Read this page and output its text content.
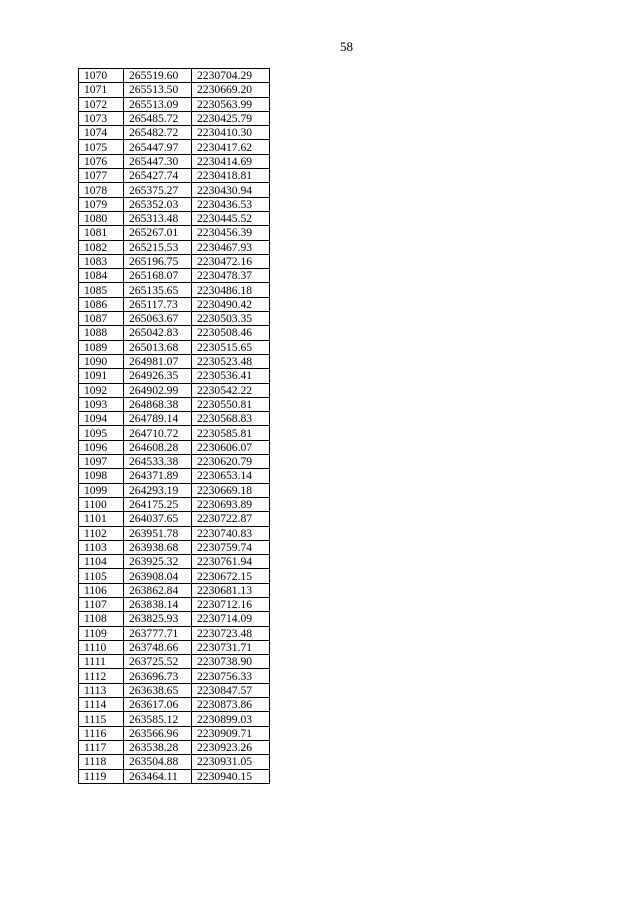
58
1070	265519.60	2230704.29
1071	265513.50	2230669.20
1072	265513.09	2230563.99
1073	265485.72	2230425.79
1074	265482.72	2230410.30
1075	265447.97	2230417.62
1076	265447.30	2230414.69
1077	265427.74	2230418.81
1078	265375.27	2230430.94
1079	265352.03	2230436.53
1080	265313.48	2230445.52
1081	265267.01	2230456.39
1082	265215.53	2230467.93
1083	265196.75	2230472.16
1084	265168.07	2230478.37
1085	265135.65	2230486.18
1086	265117.73	2230490.42
1087	265063.67	2230503.35
1088	265042.83	2230508.46
1089	265013.68	2230515.65
1090	264981.07	2230523.48
1091	264926.35	2230536.41
1092	264902.99	2230542.22
1093	264868.38	2230550.81
1094	264789.14	2230568.83
1095	264710.72	2230585.81
1096	264608.28	2230606.07
1097	264533.38	2230620.79
1098	264371.89	2230653.14
1099	264293.19	2230669.18
1100	264175.25	2230693.89
1101	264037.65	2230722.87
1102	263951.78	2230740.83
1103	263938.68	2230759.74
1104	263925.32	2230761.94
1105	263908.04	2230672.15
1106	263862.84	2230681.13
1107	263838.14	2230712.16
1108	263825.93	2230714.09
1109	263777.71	2230723.48
1110	263748.66	2230731.71
1111	263725.52	2230738.90
1112	263696.73	2230756.33
1113	263638.65	2230847.57
1114	263617.06	2230873.86
1115	263585.12	2230899.03
1116	263566.96	2230909.71
1117	263538.28	2230923.26
1118	263504.88	2230931.05
1119	263464.11	2230940.15
